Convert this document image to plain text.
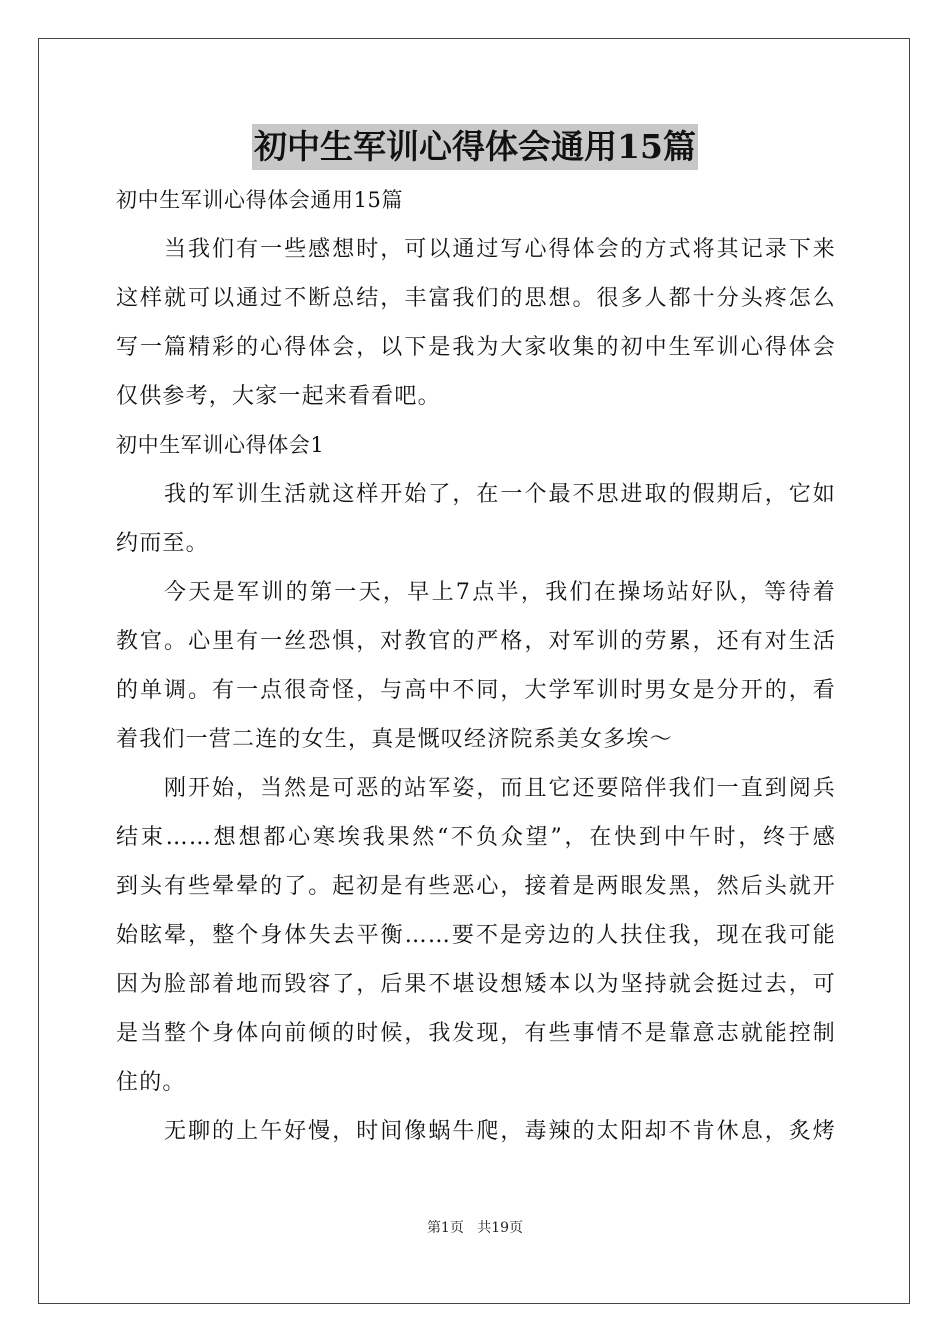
初中生军训心得体会通用15篇
初中生军训心得体会通用15篇
当我们有一些感想时，可以通过写心得体会的方式将其记录下来
这样就可以通过不断总结，丰富我们的思想。很多人都十分头疼怎么
写一篇精彩的心得体会，以下是我为大家收集的初中生军训心得体会
仅供参考，大家一起来看看吧。
初中生军训心得体会1
我的军训生活就这样开始了，在一个最不思进取的假期后，它如
约而至。
今天是军训的第一天，早上7点半，我们在操场站好队，等待着
教官。心里有一丝恐惧，对教官的严格，对军训的劳累，还有对生活
的单调。有一点很奇怪，与高中不同，大学军训时男女是分开的，看
着我们一营二连的女生，真是慨叹经济院系美女多埃～
刚开始，当然是可恶的站军姿，而且它还要陪伴我们一直到阅兵
结束……想想都心寒埃我果然“不负众望”，在快到中午时，终于感
到头有些晕晕的了。起初是有些恶心，接着是两眼发黑，然后头就开
始眩晕，整个身体失去平衡……要不是旁边的人扶住我，现在我可能
因为脸部着地而毁容了，后果不堪设想矮本以为坚持就会挺过去，可
是当整个身体向前倾的时候，我发现，有些事情不是靠意志就能控制
住的。
无聊的上午好慢，时间像蜗牛爬，毒辣的太阳却不肯休息，炙烤
第1页 共19页
